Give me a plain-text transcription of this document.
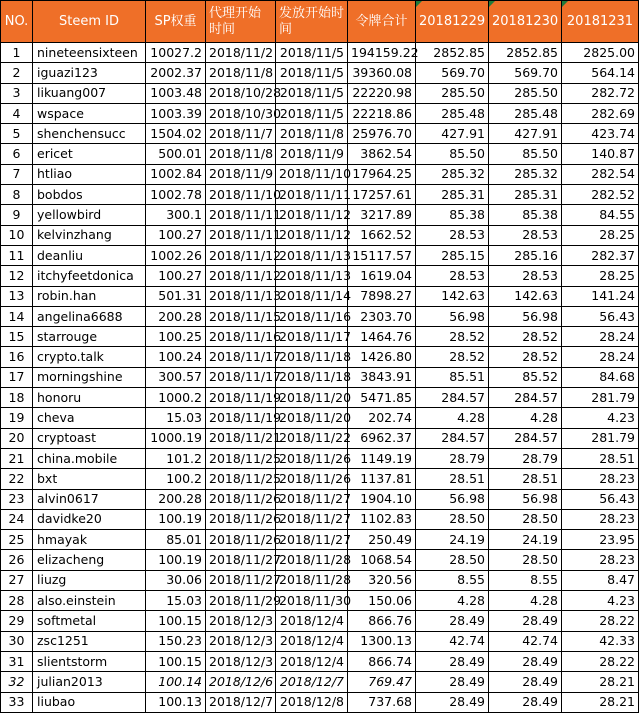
NO.	Steem ID	SP权重	代理开始时间	发放开始时间	令牌合计	20181229	20181230	20181231
1	nineteensixteen	10027.2	2018/11/2	2018/11/5	194159.22	2852.85	2852.85	2825.00
2	iguazi123	2002.37	2018/11/8	2018/11/5	39360.08	569.70	569.70	564.14
3	likuang007	1003.48	2018/10/28	2018/11/5	22220.98	285.50	285.50	282.72
4	wspace	1003.39	2018/10/30	2018/11/5	22218.86	285.48	285.48	282.69
5	shenchensucc	1504.02	2018/11/7	2018/11/8	25976.70	427.91	427.91	423.74
6	ericet	500.01	2018/11/8	2018/11/9	3862.54	85.50	85.50	140.87
7	htliao	1002.84	2018/11/9	2018/11/10	17964.25	285.32	285.32	282.54
8	bobdos	1002.78	2018/11/10	2018/11/11	17257.61	285.31	285.31	282.52
9	yellowbird	300.1	2018/11/11	2018/11/12	3217.89	85.38	85.38	84.55
10	kelvinzhang	100.27	2018/11/11	2018/11/12	1662.52	28.53	28.53	28.25
11	deanliu	1002.26	2018/11/12	2018/11/13	15117.57	285.15	285.16	282.37
12	itchyfeetdonica	100.27	2018/11/12	2018/11/13	1619.04	28.53	28.53	28.25
13	robin.han	501.31	2018/11/13	2018/11/14	7898.27	142.63	142.63	141.24
14	angelina6688	200.28	2018/11/15	2018/11/16	2303.70	56.98	56.98	56.43
15	starrouge	100.25	2018/11/16	2018/11/17	1464.76	28.52	28.52	28.24
16	crypto.talk	100.24	2018/11/17	2018/11/18	1426.80	28.52	28.52	28.24
17	morningshine	300.57	2018/11/17	2018/11/18	3843.91	85.51	85.52	84.68
18	honoru	1000.2	2018/11/19	2018/11/20	5471.85	284.57	284.57	281.79
19	cheva	15.03	2018/11/19	2018/11/20	202.74	4.28	4.28	4.23
20	cryptoast	1000.19	2018/11/21	2018/11/22	6962.37	284.57	284.57	281.79
21	china.mobile	101.2	2018/11/25	2018/11/26	1149.19	28.79	28.79	28.51
22	bxt	100.2	2018/11/25	2018/11/26	1137.81	28.51	28.51	28.23
23	alvin0617	200.28	2018/11/26	2018/11/27	1904.10	56.98	56.98	56.43
24	davidke20	100.19	2018/11/26	2018/11/27	1102.83	28.50	28.50	28.23
25	hmayak	85.01	2018/11/26	2018/11/27	250.49	24.19	24.19	23.95
26	elizacheng	100.19	2018/11/27	2018/11/28	1068.54	28.50	28.50	28.23
27	liuzg	30.06	2018/11/27	2018/11/28	320.56	8.55	8.55	8.47
28	also.einstein	15.03	2018/11/29	2018/11/30	150.06	4.28	4.28	4.23
29	softmetal	100.15	2018/12/3	2018/12/4	866.76	28.49	28.49	28.22
30	zsc1251	150.23	2018/12/3	2018/12/4	1300.13	42.74	42.74	42.33
31	slientstorm	100.15	2018/12/3	2018/12/4	866.74	28.49	28.49	28.22
32	julian2013	100.14	2018/12/6	2018/12/7	769.47	28.49	28.49	28.21
33	liubao	100.13	2018/12/7	2018/12/8	737.68	28.49	28.49	28.21
